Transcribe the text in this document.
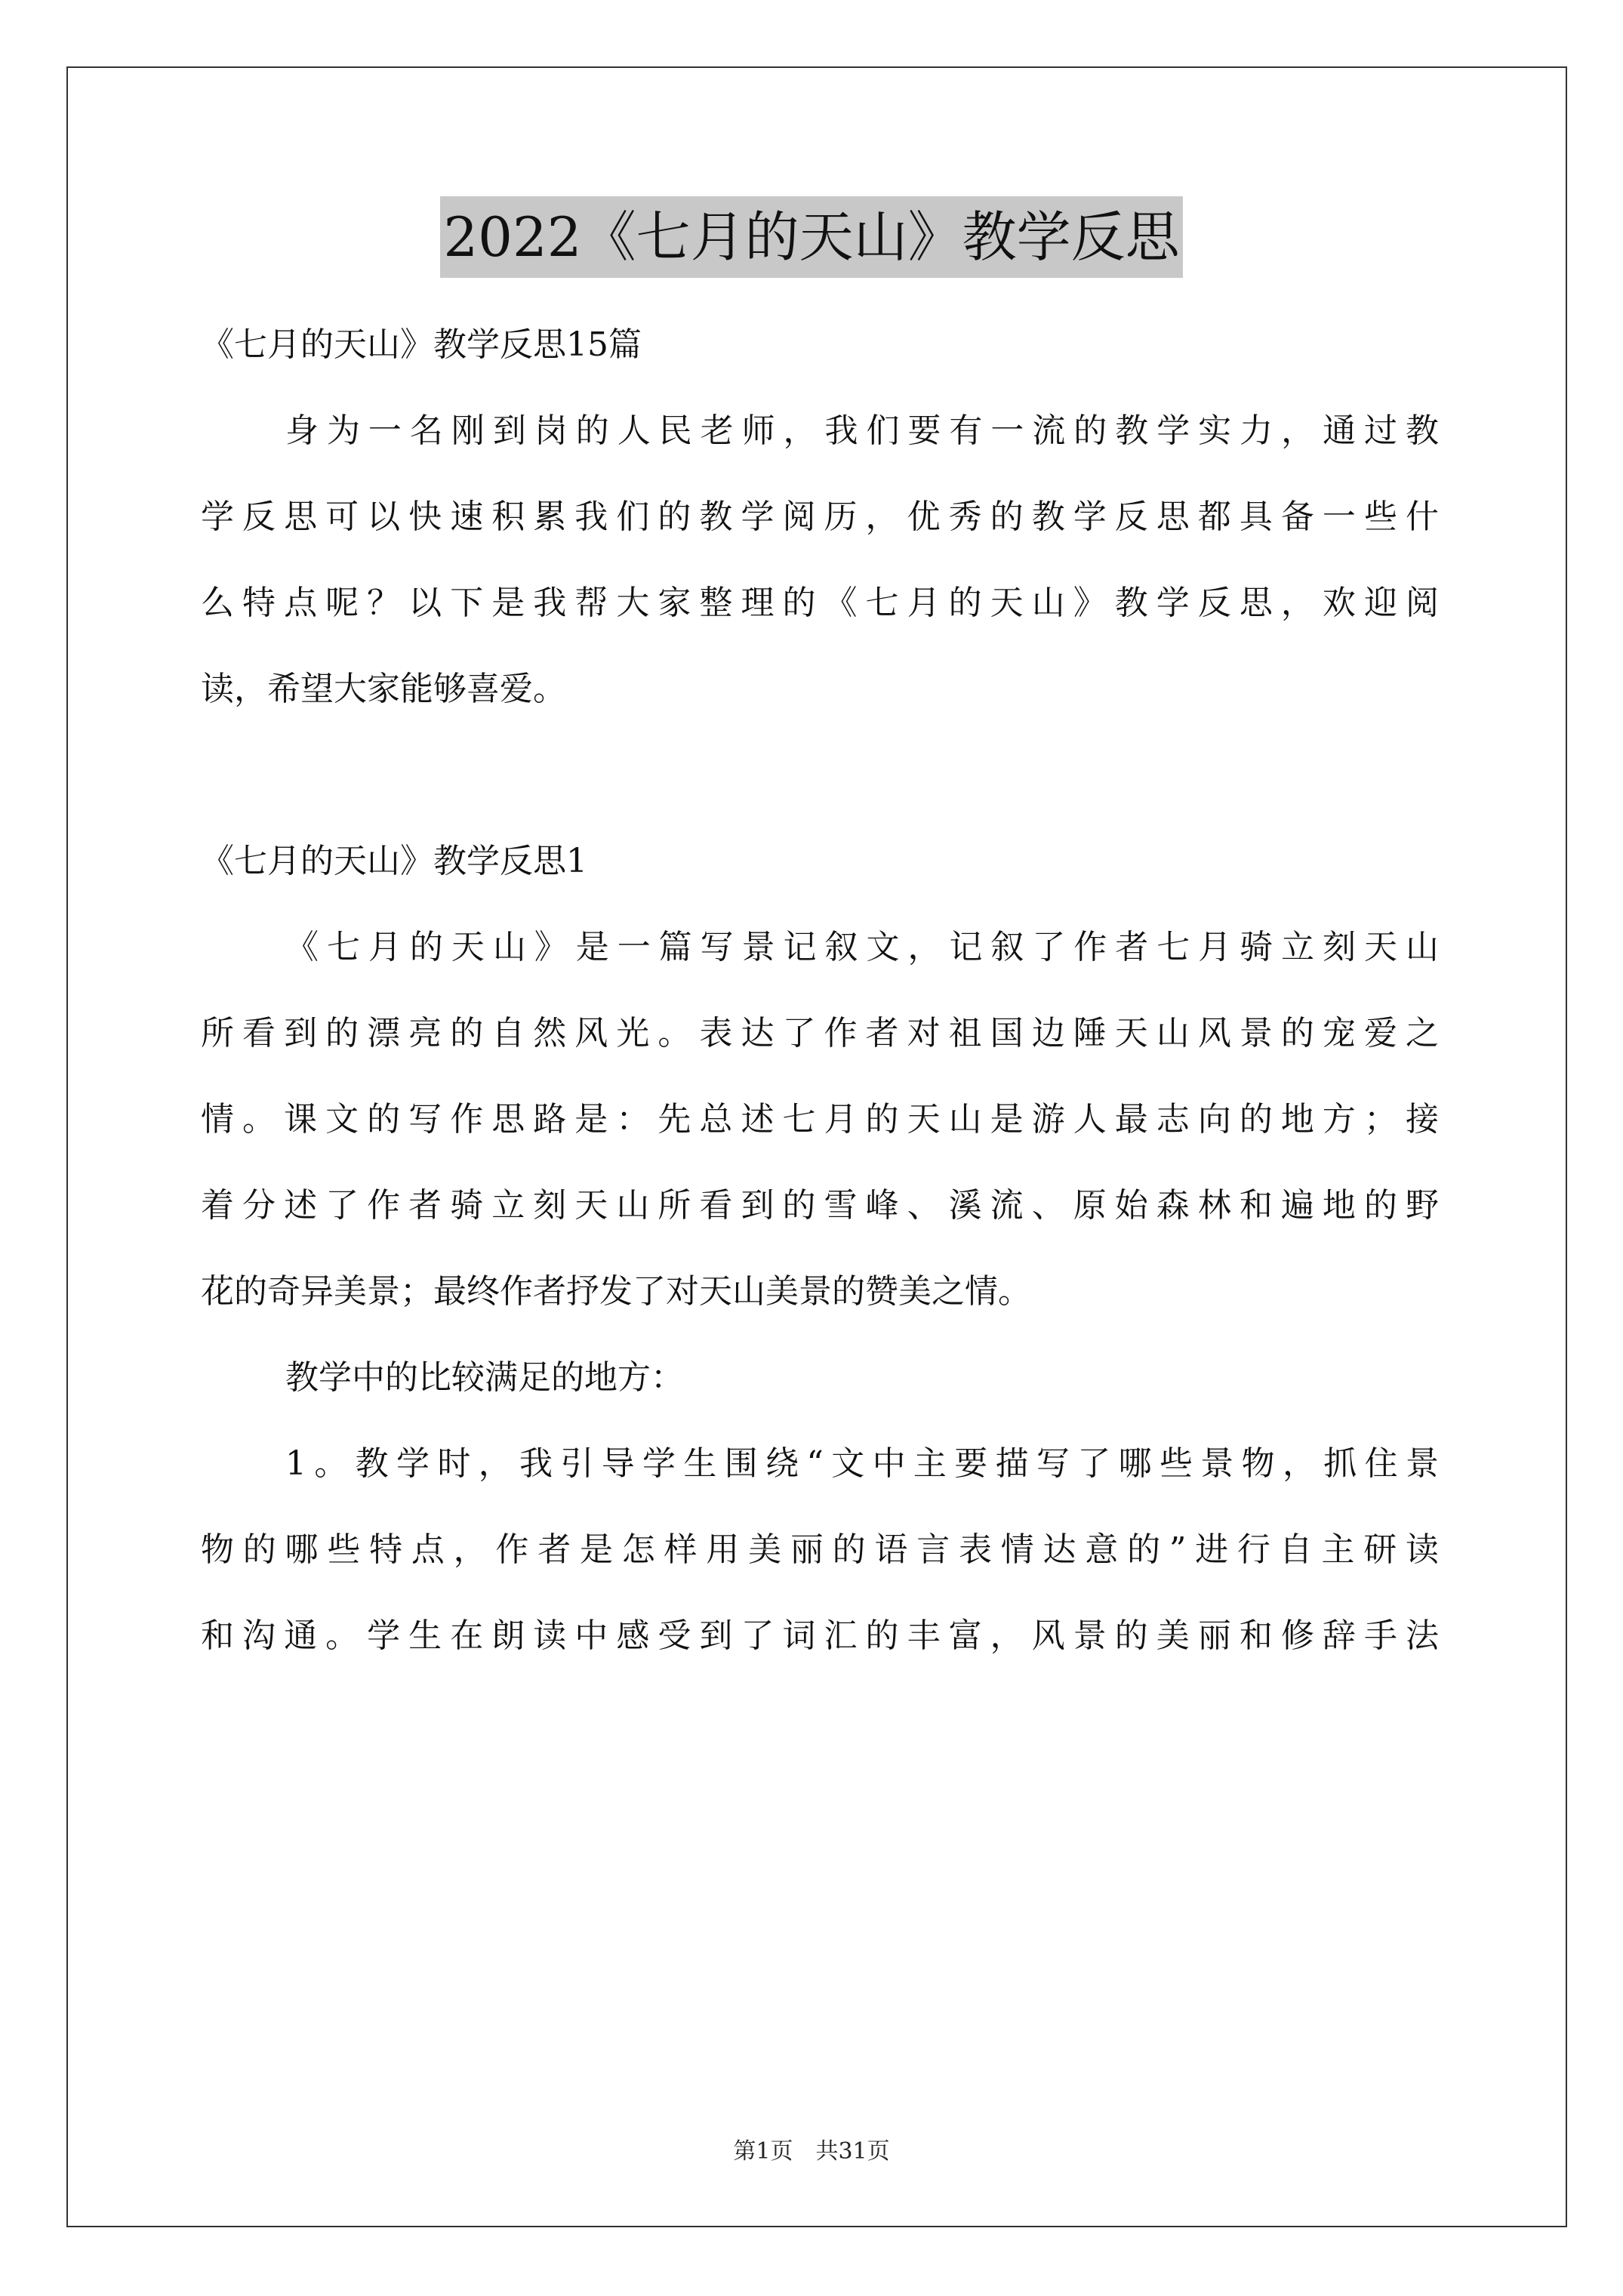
2022《七月的天山》教学反思
《七月的天山》教学反思15篇
身为一名刚到岗的人民老师，我们要有一流的教学实力，通过教
学反思可以快速积累我们的教学阅历，优秀的教学反思都具备一些什
么特点呢？以下是我帮大家整理的《七月的天山》教学反思，欢迎阅
读，希望大家能够喜爱。
《七月的天山》教学反思1
《七月的天山》是一篇写景记叙文，记叙了作者七月骑立刻天山
所看到的漂亮的自然风光。表达了作者对祖国边陲天山风景的宠爱之
情。课文的写作思路是：先总述七月的天山是游人最志向的地方；接
着分述了作者骑立刻天山所看到的雪峰、溪流、原始森林和遍地的野
花的奇异美景；最终作者抒发了对天山美景的赞美之情。
教学中的比较满足的地方：
1。教学时，我引导学生围绕“文中主要描写了哪些景物，抓住景
物的哪些特点，作者是怎样用美丽的语言表情达意的”进行自主研读
和沟通。学生在朗读中感受到了词汇的丰富，风景的美丽和修辞手法
第1页　共31页
